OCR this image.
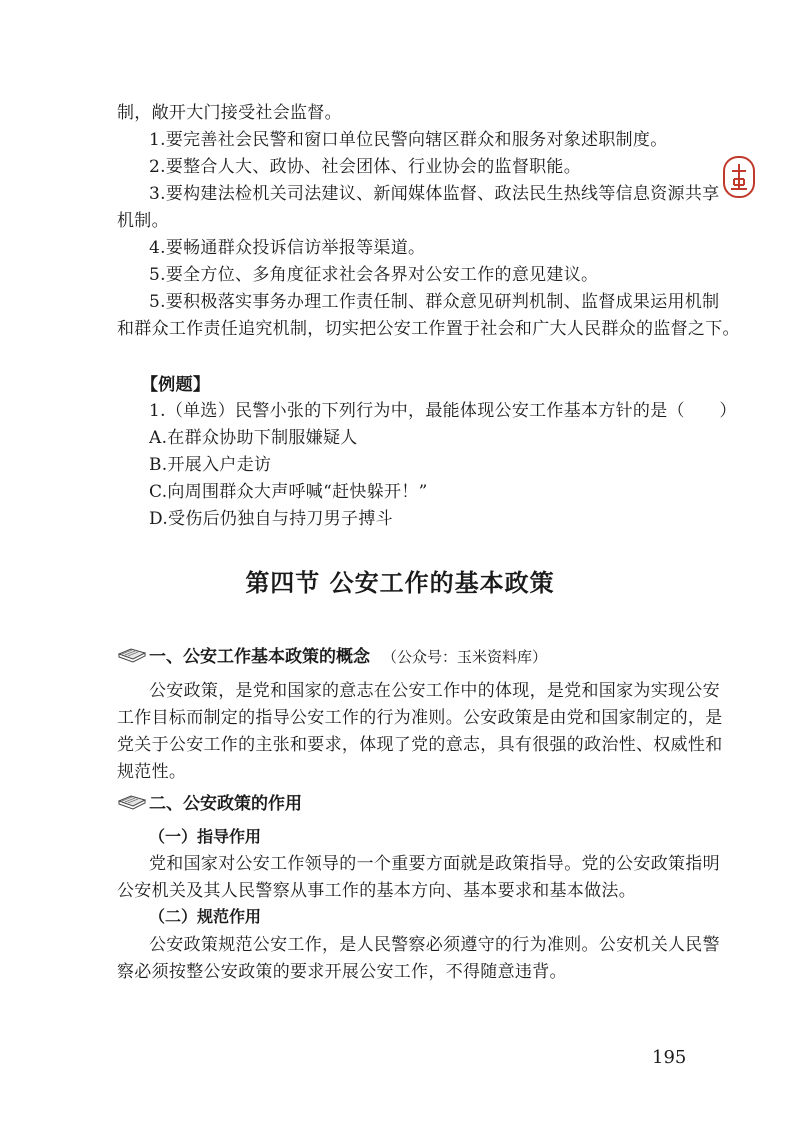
制，敞开大门接受社会监督。
1.要完善社会民警和窗口单位民警向辖区群众和服务对象述职制度。
2.要整合人大、政协、社会团体、行业协会的监督职能。
3.要构建法检机关司法建议、新闻媒体监督、政法民生热线等信息资源共享
机制。
4.要畅通群众投诉信访举报等渠道。
5.要全方位、多角度征求社会各界对公安工作的意见建议。
5.要积极落实事务办理工作责任制、群众意见研判机制、监督成果运用机制
和群众工作责任追究机制，切实把公安工作置于社会和广大人民群众的监督之下。
【例题】
1.（单选）民警小张的下列行为中，最能体现公安工作基本方针的是（　　）
A.在群众协助下制服嫌疑人
B.开展入户走访
C.向周围群众大声呼喊“赶快躲开！”
D.受伤后仍独自与持刀男子搏斗
第四节 公安工作的基本政策
一、公安工作基本政策的概念 （公众号：玉米资料库）
公安政策，是党和国家的意志在公安工作中的体现，是党和国家为实现公安
工作目标而制定的指导公安工作的行为准则。公安政策是由党和国家制定的，是
党关于公安工作的主张和要求，体现了党的意志，具有很强的政治性、权威性和
规范性。
二、公安政策的作用
（一）指导作用
党和国家对公安工作领导的一个重要方面就是政策指导。党的公安政策指明
公安机关及其人民警察从事工作的基本方向、基本要求和基本做法。
（二）规范作用
公安政策规范公安工作，是人民警察必须遵守的行为准则。公安机关人民警
察必须按整公安政策的要求开展公安工作，不得随意违背。
195
